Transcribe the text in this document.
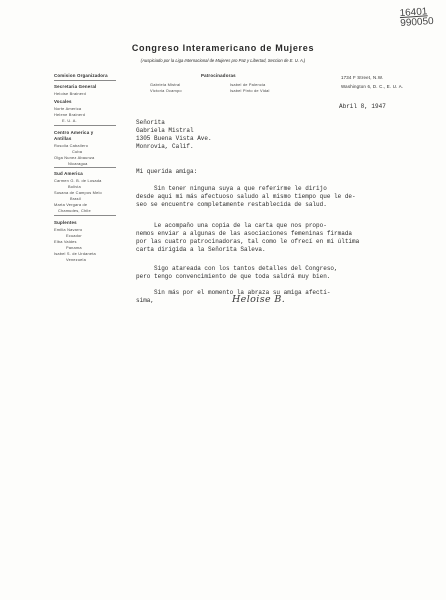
16401
990050
Congreso Interamericano de Mujeres
(Auspiciado por la Liga Internacional de Mujeres pro Paz y Libertad, Seccion de E. U. A.)
Patrocinadoras
Gabriela Mistral	Isabel de Palencia
Victoria Ocampo	Isabel Pinto de Vidal
1734 F Street, N.W.
Washington 6, D. C., E. U. A.
Comision Organizadora
Secretaria General
Heloise Brainerd
Vocales
Norte America
Helene Brainerd
E. U. A.
Centro America y Antillas
Rosolia Caballero
Cuba
Olga Nunez Abaunza
Nicaragua
Sud America
Carmen G. B. de Losada
Bolivia
Susana de Campos Melo
Brasil
Marta Vergara de
Chamudes, Chile
Suplentes
Emilia Navarro
Ecuador
Elba Valdes
Panama
Isabel S. de Urdaneta
Venezuela
Abril 8, 1947
Señorita
Gabriela Mistral
1305 Buena Vista Ave.
Monrovia, Calif.
Mi querida amiga:
Sin tener ninguna suya a que referirme le dirijo
desde aquí mi más afectuoso saludo al mismo tiempo que le de-
seo se encuentre completamente restablecida de salud.
Le acompaño una copia de la carta que nos propo-
nemos enviar a algunas de las asociaciones femeninas firmada
por las cuatro patrocinadoras, tal como le ofrecí en mi última
carta dirigida a la Señorita Saleva.
Sigo atareada con los tantos detalles del Congreso,
pero tengo convencimiento de que toda saldrá muy bien.
Sin más por el momento la abraza su amiga afectí-
sima,	Heloise B.
